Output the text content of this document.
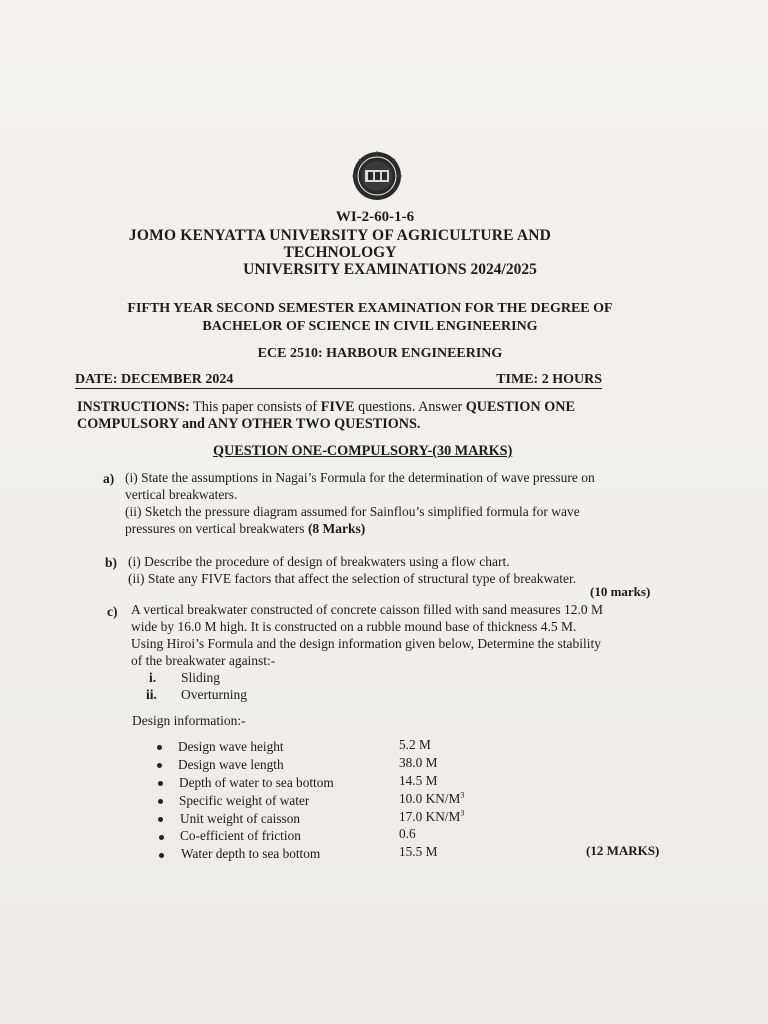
WI-2-60-1-6
JOMO KENYATTA UNIVERSITY OF AGRICULTURE AND
TECHNOLOGY
UNIVERSITY EXAMINATIONS 2024/2025
FIFTH YEAR SECOND SEMESTER EXAMINATION FOR THE DEGREE OF
BACHELOR OF SCIENCE IN CIVIL ENGINEERING
ECE 2510: HARBOUR ENGINEERING
DATE: DECEMBER 2024	TIME: 2 HOURS
INSTRUCTIONS: This paper consists of FIVE questions. Answer QUESTION ONE
COMPULSORY and ANY OTHER TWO QUESTIONS.
QUESTION ONE-COMPULSORY-(30 MARKS)
a) (i) State the assumptions in Nagai’s Formula for the determination of wave pressure on
vertical breakwaters.
(ii) Sketch the pressure diagram assumed for Sainflou’s simplified formula for wave
pressures on vertical breakwaters (8 Marks)
b) (i) Describe the procedure of design of breakwaters using a flow chart.
(ii) State any FIVE factors that affect the selection of structural type of breakwater.
(10 marks)
c) A vertical breakwater constructed of concrete caisson filled with sand measures 12.0 M
wide by 16.0 M high. It is constructed on a rubble mound base of thickness 4.5 M.
Using Hiroi’s Formula and the design information given below, Determine the stability
of the breakwater against:-
i. Sliding
ii. Overturning
Design information:-
Design wave height	5.2 M
Design wave length	38.0 M
Depth of water to sea bottom	14.5 M
Specific weight of water	10.0 $KN/M^3$
Unit weight of caisson	17.0 $KN/M^3$
Co-efficient of friction	0.6
Water depth to sea bottom	15.5 M	(12 MARKS)
